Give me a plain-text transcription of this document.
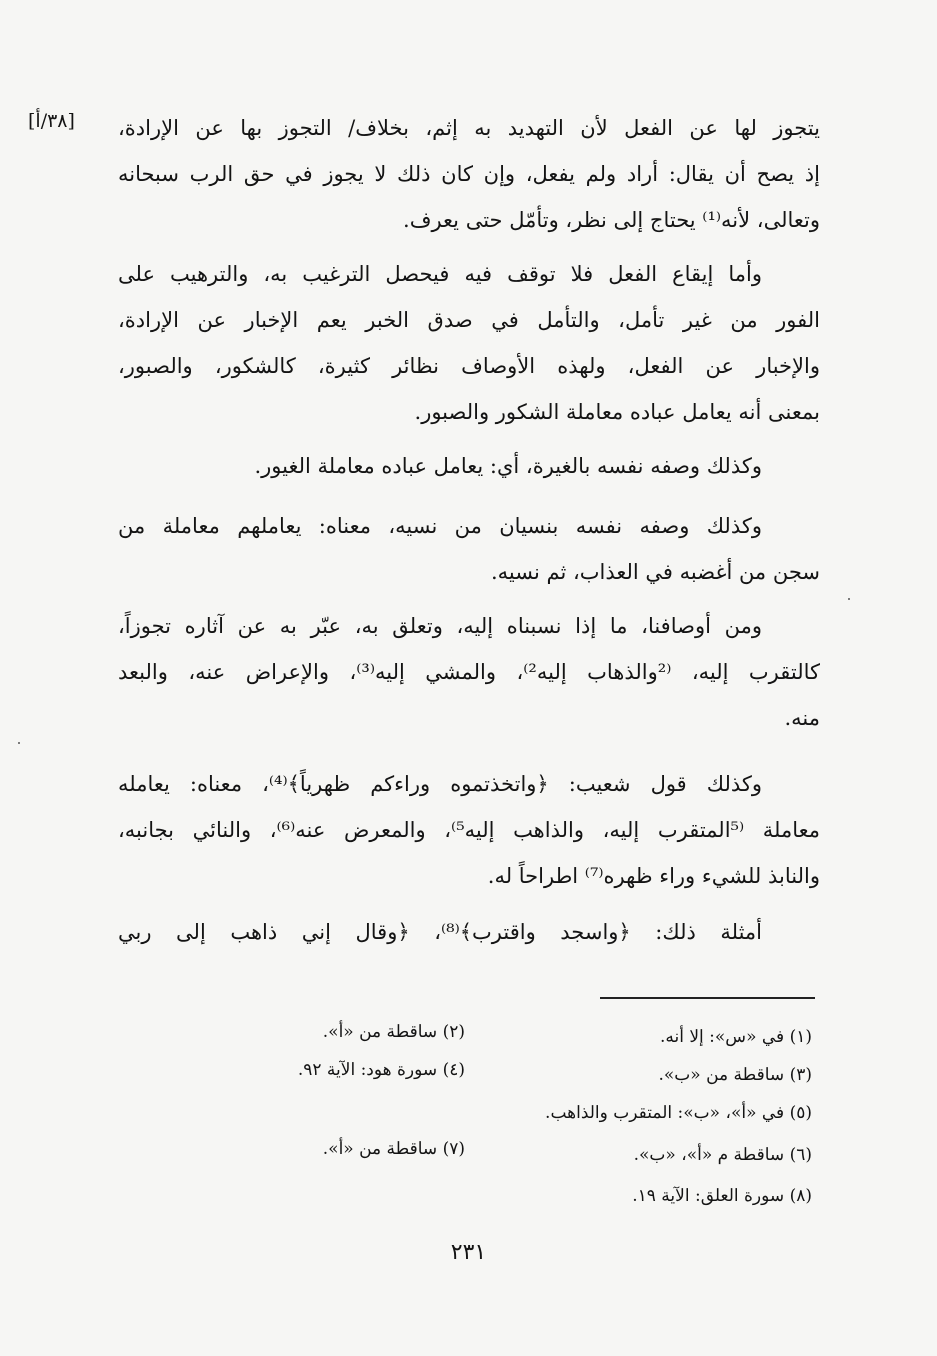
[٣٨/أ] يتجوز لها عن الفعل لأن التهديد به إثم، بخلاف/ التجوز بها عن الإرادة،
إذ يصح أن يقال: أراد ولم يفعل، وإن كان ذلك لا يجوز في حق الرب سبحانه
وتعالى، لأنه⁽¹⁾ يحتاج إلى نظر، وتأمّل حتى يعرف.
وأما إيقاع الفعل فلا توقف فيه فيحصل الترغيب به، والترهيب على
الفور من غير تأمل، والتأمل في صدق الخبر يعم الإخبار عن الإرادة،
والإخبار عن الفعل، ولهذه الأوصاف نظائر كثيرة، كالشكور، والصبور،
بمعنى أنه يعامل عباده معاملة الشكور والصبور.
وكذلك وصفه نفسه بالغيرة، أي: يعامل عباده معاملة الغيور.
وكذلك وصفه نفسه بنسيان من نسيه، معناه: يعاملهم معاملة من
سجن من أغضبه في العذاب، ثم نسيه.
ومن أوصافنا، ما إذا نسبناه إليه، وتعلق به، عبّر به عن آثاره تجوزاً،
كالتقرب إليه، ⁽²والذهاب إليه²⁾، والمشي إليه⁽³⁾، والإعراض عنه، والبعد
منه.
وكذلك قول شعيب: ﴿واتخذتموه وراءكم ظهرياً﴾⁽⁴⁾، معناه: يعامله
معاملة ⁽⁵المتقرب إليه، والذاهب إليه⁵⁾، والمعرض عنه⁽⁶⁾، والنائي بجانبه،
والنابذ للشيء وراء ظهره⁽⁷⁾ اطراحاً له.
أمثلة ذلك: ﴿واسجد واقترب﴾⁽⁸⁾، ﴿وقال إني ذاهب إلى ربي
(١) في «س»: إلا أنه.
(٣) ساقطة من «ب».
(٥) في «أ»، «ب»: المتقرب والذاهب.
(٦) ساقطة م «أ»، «ب».
(٨) سورة العلق: الآية ١٩.
(٢) ساقطة من «أ».
(٤) سورة هود: الآية ٩٢.
(٧) ساقطة من «أ».
٢٣١
